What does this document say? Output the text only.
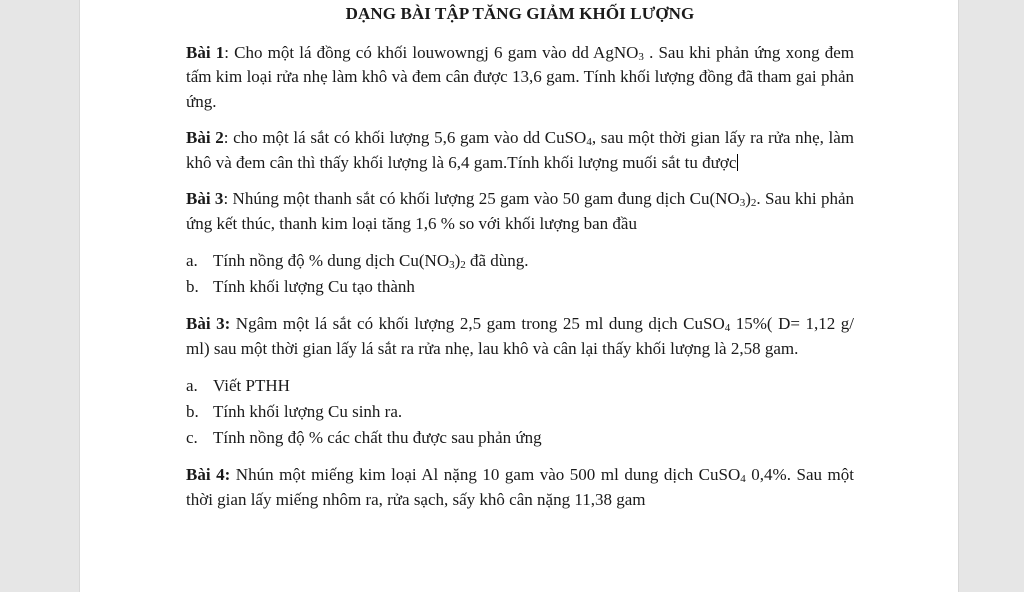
DẠNG BÀI TẬP TĂNG GIẢM KHỐI LƯỢNG
Bài 1: Cho một lá đồng có khối louwowngj 6 gam vào dd AgNO$_3$ . Sau khi phản ứng xong đem tấm kim loại rửa nhẹ làm khô và đem cân được 13,6 gam. Tính khối lượng đồng đã tham gai phản ứng.
Bài 2: cho một lá sắt có khối lượng 5,6 gam vào dd CuSO$_4$, sau một thời gian lấy ra rửa nhẹ, làm khô và đem cân thì thấy khối lượng là 6,4 gam.Tính khối lượng muối sắt tu được
Bài 3: Nhúng một thanh sắt có khối lượng 25 gam vào 50 gam đung dịch $Cu(NO_3)_2$. Sau khi phản ứng kết thúc, thanh kim loại tăng 1,6 % so với khối lượng ban đầu
a. Tính nồng độ % dung dịch $Cu(NO_3)_2$ đã dùng.
b. Tính khối lượng Cu tạo thành
Bài 3: Ngâm một lá sắt có khối lượng 2,5 gam trong 25 ml dung dịch CuSO$_4$ 15%( D= 1,12 g/ ml) sau một thời gian lấy lá sắt ra rửa nhẹ, lau khô và cân lại thấy khối lượng là 2,58 gam.
a. Viết PTHH
b. Tính khối lượng Cu sinh ra.
c. Tính nồng độ % các chất thu được sau phản ứng
Bài 4: Nhún một miếng kim loại Al nặng 10 gam vào 500 ml dung dịch CuSO$_4$ 0,4%. Sau một thời gian lấy miếng nhôm ra, rửa sạch, sấy khô cân nặng 11,38 gam
